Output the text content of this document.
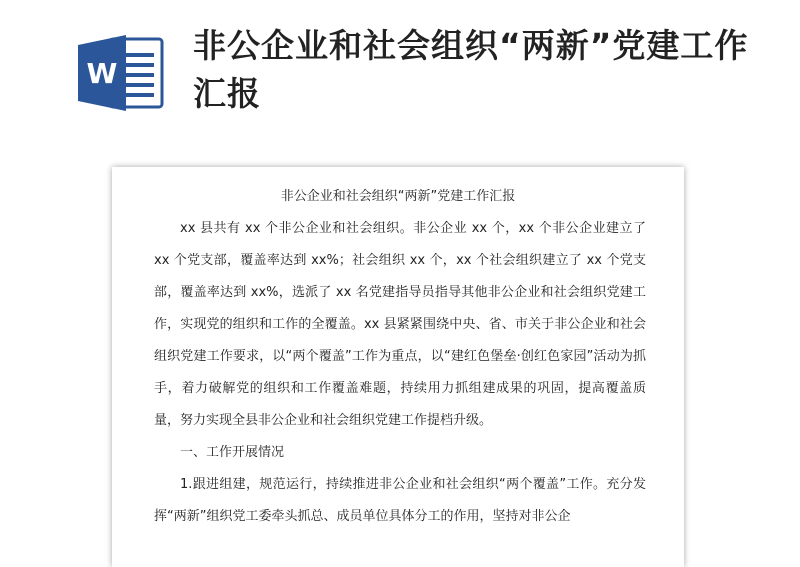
W
非公企业和社会组织“两新”党建工作汇报
非公企业和社会组织“两新”党建工作汇报

xx 县共有 xx 个非公企业和社会组织。非公企业 xx 个，xx 个非公企业建立了 xx 个党支部，覆盖率达到 xx%；社会组织 xx 个，xx 个社会组织建立了 xx 个党支部，覆盖率达到 xx%，选派了 xx 名党建指导员指导其他非公企业和社会组织党建工作，实现党的组织和工作的全覆盖。xx 县紧紧围绕中央、省、市关于非公企业和社会组织党建工作要求，以“两个覆盖”工作为重点，以“建红色堡垒·创红色家园”活动为抓手，着力破解党的组织和工作覆盖难题，持续用力抓组建成果的巩固，提高覆盖质量，努力实现全县非公企业和社会组织党建工作提档升级。

一、工作开展情况

1.跟进组建，规范运行，持续推进非公企业和社会组织“两个覆盖”工作。充分发挥“两新”组织党工委牵头抓总、成员单位具体分工的作用，坚持对非公企
